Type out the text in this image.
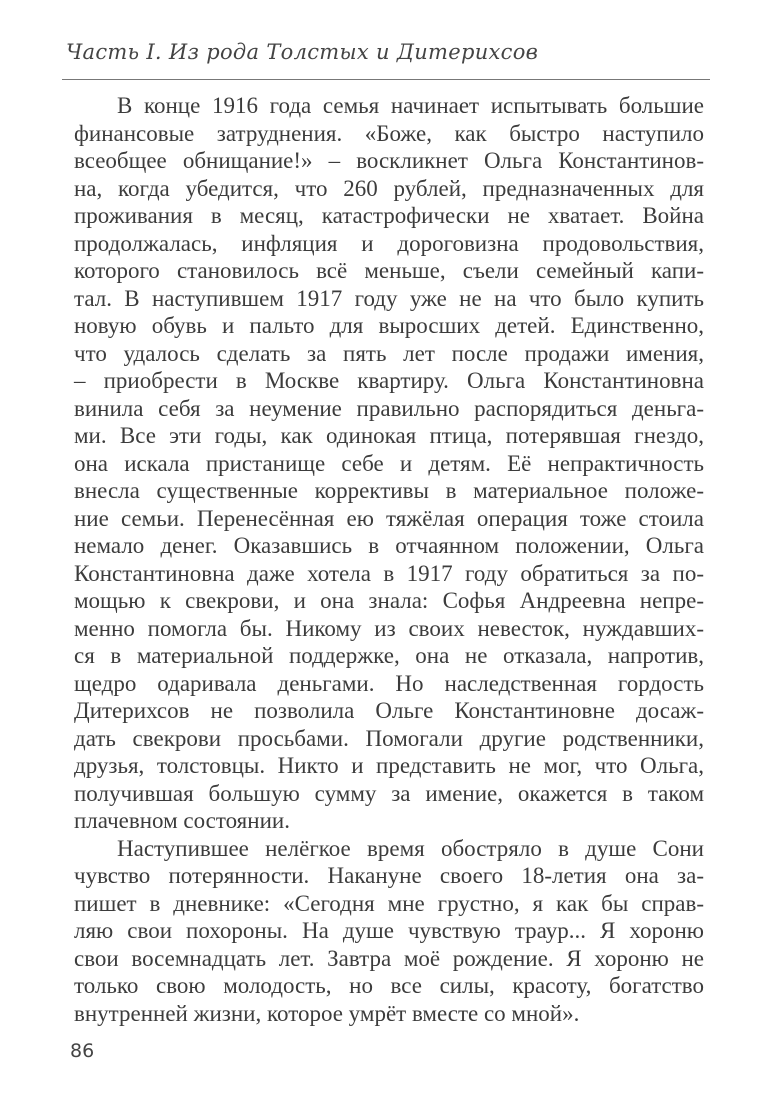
Часть I. Из рода Толстых и Дитерихсов
В конце 1916 года семья начинает испытывать большие
финансовые затруднения. «Боже, как быстро наступило
всеобщее обнищание!» – воскликнет Ольга Константинов-
на, когда убедится, что 260 рублей, предназначенных для
проживания в месяц, катастрофически не хватает. Война
продолжалась, инфляция и дороговизна продовольствия,
которого становилось всё меньше, съели семейный капи-
тал. В наступившем 1917 году уже не на что было купить
новую обувь и пальто для выросших детей. Единственно,
что удалось сделать за пять лет после продажи имения,
– приобрести в Москве квартиру. Ольга Константиновна
винила себя за неумение правильно распорядиться деньга-
ми. Все эти годы, как одинокая птица, потерявшая гнездо,
она искала пристанище себе и детям. Её непрактичность
внесла существенные коррективы в материальное положе-
ние семьи. Перенесённая ею тяжёлая операция тоже стоила
немало денег. Оказавшись в отчаянном положении, Ольга
Константиновна даже хотела в 1917 году обратиться за по-
мощью к свекрови, и она знала: Софья Андреевна непре-
менно помогла бы. Никому из своих невесток, нуждавших-
ся в материальной поддержке, она не отказала, напротив,
щедро одаривала деньгами. Но наследственная гордость
Дитерихсов не позволила Ольге Константиновне досаж-
дать свекрови просьбами. Помогали другие родственники,
друзья, толстовцы. Никто и представить не мог, что Ольга,
получившая большую сумму за имение, окажется в таком
плачевном состоянии.
Наступившее нелёгкое время обостряло в душе Сони
чувство потерянности. Накануне своего 18-летия она за-
пишет в дневнике: «Сегодня мне грустно, я как бы справ-
ляю свои похороны. На душе чувствую траур... Я хороню
свои восемнадцать лет. Завтра моё рождение. Я хороню не
только свою молодость, но все силы, красоту, богатство
внутренней жизни, которое умрёт вместе со мной».
86
